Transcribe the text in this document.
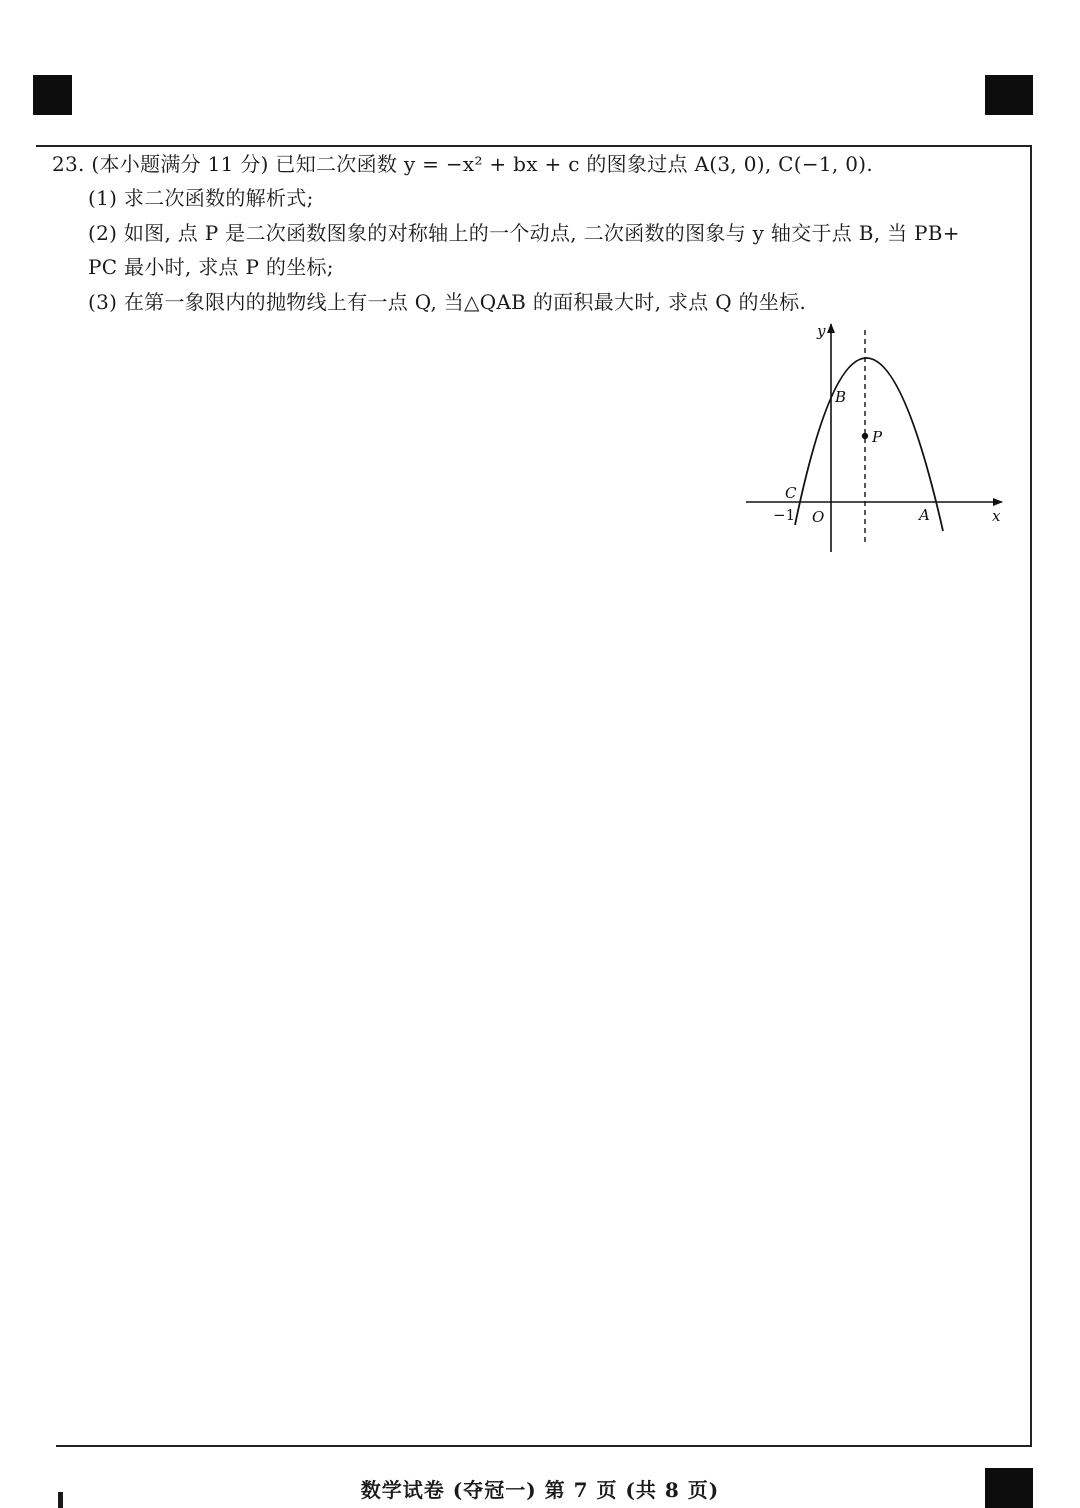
23. (本小题满分 11 分) 已知二次函数 y = −x² + bx + c 的图象过点 A(3, 0), C(−1, 0).
(1) 求二次函数的解析式;
(2) 如图, 点 P 是二次函数图象的对称轴上的一个动点, 二次函数的图象与 y 轴交于点 B, 当 PB+
PC 最小时, 求点 P 的坐标;
(3) 在第一象限内的抛物线上有一点 Q, 当△QAB 的面积最大时, 求点 Q 的坐标.
y
x
O	A
B
C
P
−1
数学试卷 (夺冠一) 第 7 页 (共 8 页)
